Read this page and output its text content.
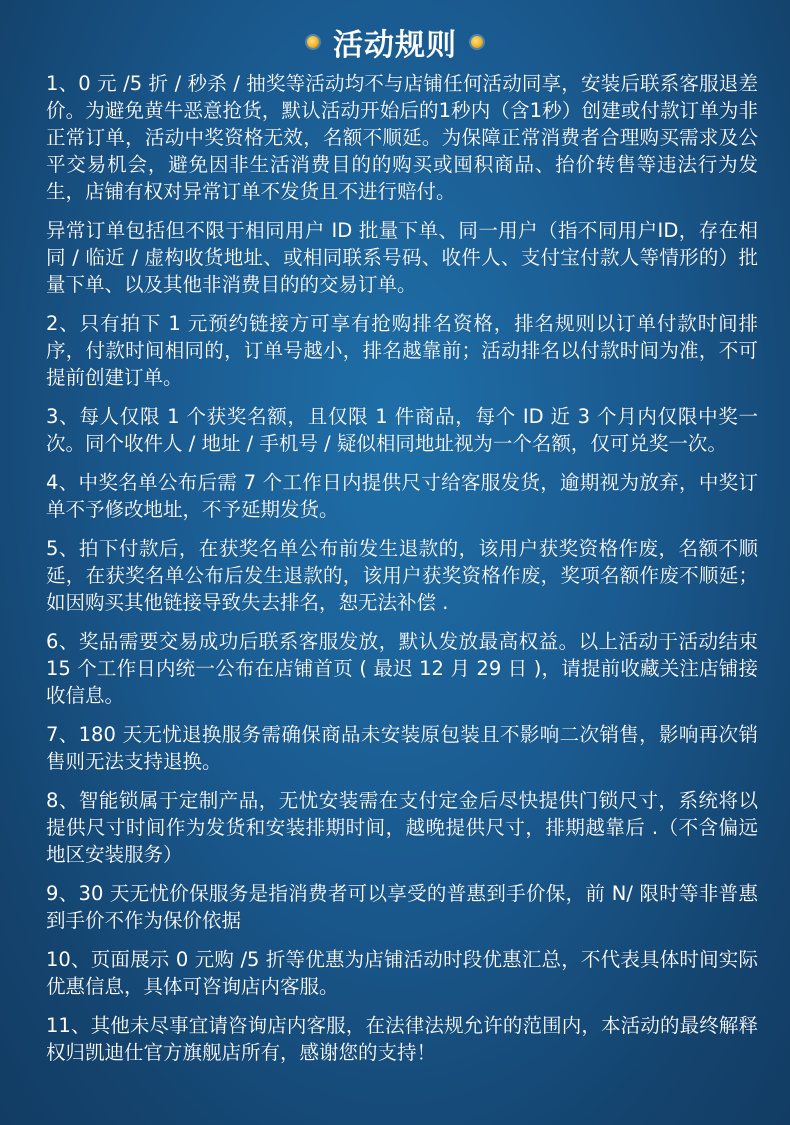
活动规则

1、0 元 /5 折 / 秒杀 / 抽奖等活动均不与店铺任何活动同享，安装后联系客服退差价。为避免黄牛恶意抢货，默认活动开始后的1秒内（含1秒）创建或付款订单为非正常订单，活动中奖资格无效，名额不顺延。为保障正常消费者合理购买需求及公平交易机会，避免因非生活消费目的的购买或囤积商品、抬价转售等违法行为发生，店铺有权对异常订单不发货且不进行赔付。

异常订单包括但不限于相同用户 ID 批量下单、同一用户（指不同用户ID，存在相同 / 临近 / 虚构收货地址、或相同联系号码、收件人、支付宝付款人等情形的）批量下单、以及其他非消费目的的交易订单。

2、只有拍下 1 元预约链接方可享有抢购排名资格，排名规则以订单付款时间排序，付款时间相同的，订单号越小，排名越靠前；活动排名以付款时间为准，不可提前创建订单。

3、每人仅限 1 个获奖名额，且仅限 1 件商品，每个 ID 近 3 个月内仅限中奖一次。同个收件人 / 地址 / 手机号 / 疑似相同地址视为一个名额，仅可兑奖一次。

4、中奖名单公布后需 7 个工作日内提供尺寸给客服发货，逾期视为放弃，中奖订单不予修改地址，不予延期发货。

5、拍下付款后，在获奖名单公布前发生退款的，该用户获奖资格作废，名额不顺延，在获奖名单公布后发生退款的，该用户获奖资格作废，奖项名额作废不顺延；如因购买其他链接导致失去排名，恕无法补偿 .

6、奖品需要交易成功后联系客服发放，默认发放最高权益。以上活动于活动结束 15 个工作日内统一公布在店铺首页 ( 最迟 12 月 29 日 )，请提前收藏关注店铺接收信息。

7、180 天无忧退换服务需确保商品未安装原包装且不影响二次销售，影响再次销售则无法支持退换。

8、智能锁属于定制产品，无忧安装需在支付定金后尽快提供门锁尺寸，系统将以提供尺寸时间作为发货和安装排期时间，越晚提供尺寸，排期越靠后 .（不含偏远地区安装服务）

9、30 天无忧价保服务是指消费者可以享受的普惠到手价保，前 N/ 限时等非普惠到手价不作为保价依据

10、页面展示 0 元购 /5 折等优惠为店铺活动时段优惠汇总，不代表具体时间实际优惠信息，具体可咨询店内客服。

11、其他未尽事宜请咨询店内客服，在法律法规允许的范围内，本活动的最终解释权归凯迪仕官方旗舰店所有，感谢您的支持！
